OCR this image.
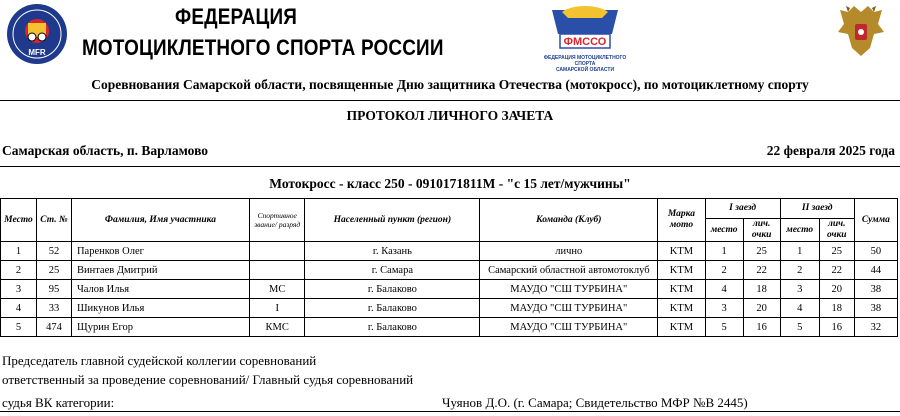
MFR
ФЕДЕРАЦИЯ
МОТОЦИКЛЕТНОГО СПОРТА РОССИИ	ФМССО
ФЕДЕРАЦИЯ МОТОЦИКЛЕТНОГО СПОРТА
САМАРСКОЙ ОБЛАСТИ
Соревнования Самарской области, посвященные Дню защитника Отечества (мотокросс), по мотоциклетному спорту
ПРОТОКОЛ ЛИЧНОГО ЗАЧЕТА
Самарская область, п. Варламово	22 февраля 2025 года
Мотокросс - класс 250 - 0910171811М - "с 15 лет/мужчины"
Место	Ст. №	Фамилия, Имя участника	Спортивное звание/ разряд	Населенный пункт (регион)	Команда (Клуб)	Марка мото	I заезд		II заезд		Сумма
							место	лич. очки	место	лич. очки	
1	52	Паренков Олег		г. Казань	лично	KTM	1	25	1	25	50
2	25	Винтаев Дмитрий		г. Самара	Самарский областной автомотоклуб	KTM	2	22	2	22	44
3	95	Чалов Илья	МС	г. Балаково	МАУДО "СШ ТУРБИНА"	KTM	4	18	3	20	38
4	33	Шикунов Илья	I	г. Балаково	МАУДО "СШ ТУРБИНА"	KTM	3	20	4	18	38
5	474	Щурин Егор	КМС	г. Балаково	МАУДО "СШ ТУРБИНА"	KTM	5	16	5	16	32
Председатель главной судейской коллегии соревнований
ответственный за проведение соревнований/ Главный судья соревнований
судья ВК категории:	Чуянов Д.О. (г. Самара; Свидетельство МФР №В 2445)
